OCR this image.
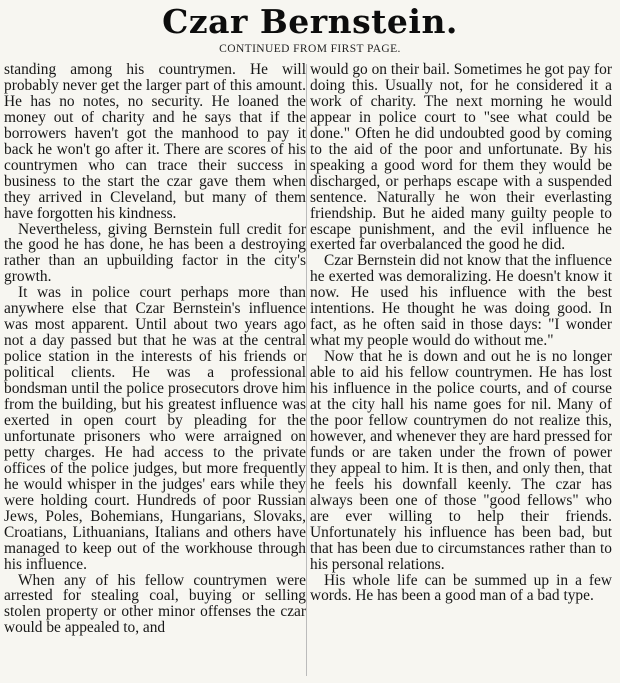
Czar Bernstein.
CONTINUED FROM FIRST PAGE.

standing among his countrymen. He will probably never get the larger part of this amount. He has no notes, no security. He loaned the money out of charity and he says that if the borrowers haven't got the manhood to pay it back he won't go after it. There are scores of his countrymen who can trace their success in business to the start the czar gave them when they arrived in Cleveland, but many of them have forgotten his kindness.

Nevertheless, giving Bernstein full credit for the good he has done, he has been a destroying rather than an upbuilding factor in the city's growth.

It was in police court perhaps more than anywhere else that Czar Bernstein's influence was most apparent. Until about two years ago not a day passed but that he was at the central police station in the interests of his friends or political clients. He was a professional bondsman until the police prosecutors drove him from the building, but his greatest influence was exerted in open court by pleading for the unfortunate prisoners who were arraigned on petty charges. He had access to the private offices of the police judges, but more frequently he would whisper in the judges' ears while they were holding court. Hundreds of poor Russian Jews, Poles, Bohemians, Hungarians, Slovaks, Croatians, Lithuanians, Italians and others have managed to keep out of the workhouse through his influence.

When any of his fellow countrymen were arrested for stealing coal, buying or selling stolen property or other minor offenses the czar would be appealed to, and

would go on their bail. Sometimes he got pay for doing this. Usually not, for he considered it a work of charity. The next morning he would appear in police court to "see what could be done." Often he did undoubted good by coming to the aid of the poor and unfortunate. By his speaking a good word for them they would be discharged, or perhaps escape with a suspended sentence. Naturally he won their everlasting friendship. But he aided many guilty people to escape punishment, and the evil influence he exerted far overbalanced the good he did.

Czar Bernstein did not know that the influence he exerted was demoralizing. He doesn't know it now. He used his influence with the best intentions. He thought he was doing good. In fact, as he often said in those days: "I wonder what my people would do without me."

Now that he is down and out he is no longer able to aid his fellow countrymen. He has lost his influence in the police courts, and of course at the city hall his name goes for nil. Many of the poor fellow countrymen do not realize this, however, and whenever they are hard pressed for funds or are taken under the frown of power they appeal to him. It is then, and only then, that he feels his downfall keenly. The czar has always been one of those "good fellows" who are ever willing to help their friends. Unfortunately his influence has been bad, but that has been due to circumstances rather than to his personal relations.

His whole life can be summed up in a few words. He has been a good man of a bad type.
